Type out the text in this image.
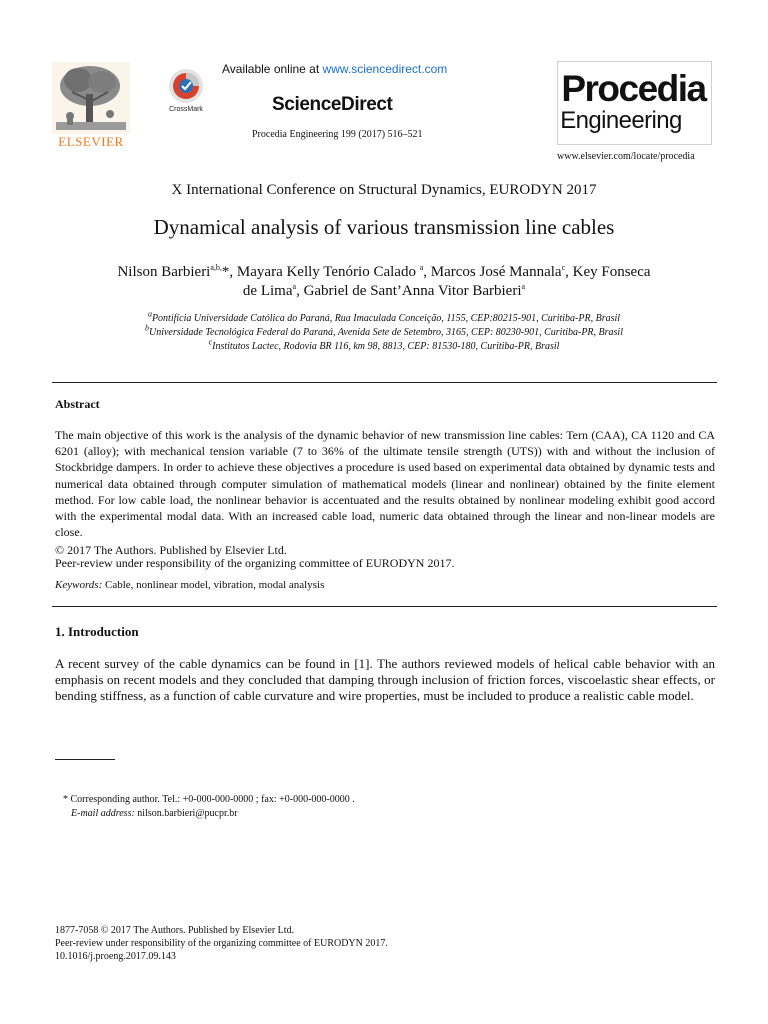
ELSEVIER
CrossMark
Available online at www.sciencedirect.com
ScienceDirect
Procedia Engineering 199 (2017) 516–521
Procedia
Engineering
www.elsevier.com/locate/procedia
X International Conference on Structural Dynamics, EURODYN 2017
Dynamical analysis of various transmission line cables
Nilson Barbieri$^{a,b,}$*, Mayara Kelly Tenório Calado $^a$, Marcos José Mannala$^c$, Key Fonseca
de Lima$^a$, Gabriel de Sant’Anna Vitor Barbieri$^a$
$^a$Pontifícia Universidade Católica do Paraná, Rua Imaculada Conceição, 1155, CEP:80215-901, Curitiba-PR, Brasil
$^b$Universidade Tecnológica Federal do Paraná, Avenida Sete de Setembro, 3165, CEP: 80230-901, Curitiba-PR, Brasil
$^c$Institutos Lactec, Rodovia BR 116, km 98, 8813, CEP: 81530-180, Curitiba-PR, Brasil
Abstract
The main objective of this work is the analysis of the dynamic behavior of new transmission line cables: Tern (CAA), CA 1120 and CA 6201 (alloy); with mechanical tension variable (7 to 36% of the ultimate tensile strength (UTS)) with and without the inclusion of Stockbridge dampers. In order to achieve these objectives a procedure is used based on experimental data obtained by dynamic tests and numerical data obtained through computer simulation of mathematical models (linear and nonlinear) obtained by the finite element method. For low cable load, the nonlinear behavior is accentuated and the results obtained by nonlinear modeling exhibit good accord with the experimental modal data. With an increased cable load, numeric data obtained through the linear and non-linear models are close.
© 2017 The Authors. Published by Elsevier Ltd.
Peer-review under responsibility of the organizing committee of EURODYN 2017.
Keywords: Cable, nonlinear model, vibration, modal analysis
1. Introduction
A recent survey of the cable dynamics can be found in [1]. The authors reviewed models of helical cable behavior with an emphasis on recent models and they concluded that damping through inclusion of friction forces, viscoelastic shear effects, or bending stiffness, as a function of cable curvature and wire properties, must be included to produce a realistic cable model.
* Corresponding author. Tel.: +0-000-000-0000 ; fax: +0-000-000-0000 .
E-mail address: nilson.barbieri@pucpr.br
1877-7058 © 2017 The Authors. Published by Elsevier Ltd.
Peer-review under responsibility of the organizing committee of EURODYN 2017.
10.1016/j.proeng.2017.09.143
